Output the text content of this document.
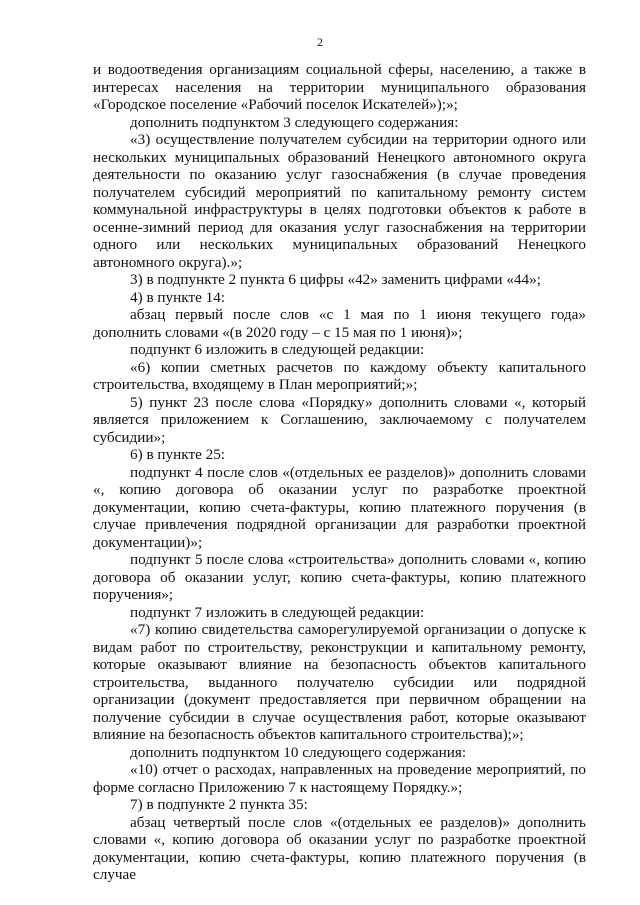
2

и водоотведения организациям социальной сферы, населению, а также в интересах населения на территории муниципального образования «Городское поселение «Рабочий поселок Искателей»);»;

дополнить подпунктом 3 следующего содержания:

«3) осуществление получателем субсидии на территории одного или нескольких муниципальных образований Ненецкого автономного округа деятельности по оказанию услуг газоснабжения (в случае проведения получателем субсидий мероприятий по капитальному ремонту систем коммунальной инфраструктуры в целях подготовки объектов к работе в осенне-зимний период для оказания услуг газоснабжения на территории одного или нескольких муниципальных образований Ненецкого автономного округа).»;

3) в подпункте 2 пункта 6 цифры «42» заменить цифрами «44»;

4) в пункте 14:

абзац первый после слов «с 1 мая по 1 июня текущего года» дополнить словами «(в 2020 году – с 15 мая по 1 июня)»;

подпункт 6 изложить в следующей редакции:

«6) копии сметных расчетов по каждому объекту капитального строительства, входящему в План мероприятий;»;

5) пункт 23 после слова «Порядку» дополнить словами «, который является приложением к Соглашению, заключаемому с получателем субсидии»;

6) в пункте 25:

подпункт 4 после слов «(отдельных ее разделов)» дополнить словами «, копию договора об оказании услуг по разработке проектной документации, копию счета-фактуры, копию платежного поручения (в случае привлечения подрядной организации для разработки проектной документации)»;

подпункт 5 после слова «строительства» дополнить словами «, копию договора об оказании услуг, копию счета-фактуры, копию платежного поручения»;

подпункт 7 изложить в следующей редакции:

«7) копию свидетельства саморегулируемой организации о допуске к видам работ по строительству, реконструкции и капитальному ремонту, которые оказывают влияние на безопасность объектов капитального строительства, выданного получателю субсидии или подрядной организации (документ предоставляется при первичном обращении на получение субсидии в случае осуществления работ, которые оказывают влияние на безопасность объектов капитального строительства);»;

дополнить подпунктом 10 следующего содержания:

«10) отчет о расходах, направленных на проведение мероприятий, по форме согласно Приложению 7 к настоящему Порядку.»;

7) в подпункте 2 пункта 35:

абзац четвертый после слов «(отдельных ее разделов)» дополнить словами «, копию договора об оказании услуг по разработке проектной документации, копию счета-фактуры, копию платежного поручения (в случае
